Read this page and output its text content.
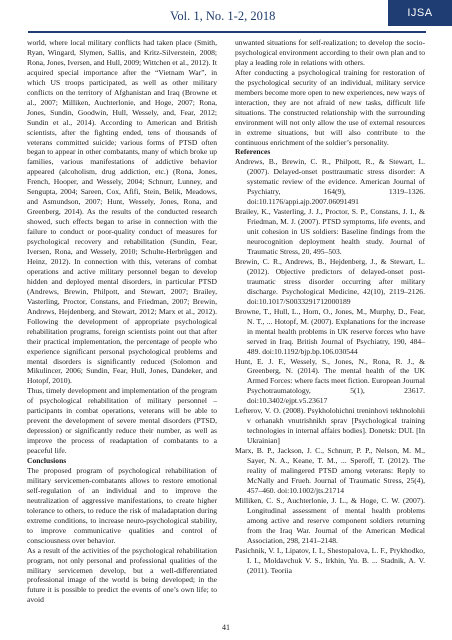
Vol. 1, No. 1-2, 2018	IJSA

world, where local military conflicts had taken place (Smith, Ryan, Wingard, Slymen, Sallis, and Kritz-Silverstein, 2008; Rona, Jones, Iversen, and Hull, 2009; Wittchen et al., 2012). It acquired special importance after the “Vietnam War”, in which US troops participated, as well as other military conflicts on the territory of Afghanistan and Iraq (Browne et al., 2007; Milliken, Auchterlonie, and Hoge, 2007; Rona, Jones, Sundin, Goodwin, Hull, Wessely, and, Fear, 2012; Sundin et al., 2014). According to American and British scientists, after the fighting ended, tens of thousands of veterans committed suicide; various forms of PTSD often began to appear in other combatants, many of which broke up families, various manifestations of addictive behavior appeared (alcoholism, drug addiction, etc.) (Rona, Jones, French, Hooper, and Wessely, 2004; Schnurr, Lunney, and Sengupta, 2004; Sareen, Cox, Afifi, Stein, Belik, Meadows, and Asmundson, 2007; Hunt, Wessely, Jones, Rona, and Greenberg, 2014). As the results of the conducted research showed, such effects began to arise in connection with the failure to conduct or poor-quality conduct of measures for psychological recovery and rehabilitation (Sundin, Fear, Iversen, Rona, and Wessely, 2010; Schulte-Herbrüggen and Heinz, 2012). In connection with this, veterans of combat operations and active military personnel began to develop hidden and deployed mental disorders, in particular PTSD (Andrews, Brewin, Philpott, and Stewart, 2007; Brailey, Vasterling, Proctor, Constans, and Friedman, 2007; Brewin, Andrews, Hejdenberg, and Stewart, 2012; Marx et al., 2012). Following the development of appropriate psychological rehabilitation programs, foreign scientists point out that after their practical implementation, the percentage of people who experience significant personal psychological problems and mental disorders is significantly reduced (Solomon and Mikulincer, 2006; Sundin, Fear, Hull, Jones, Dandeker, and Hotopf, 2010).

Thus, timely development and implementation of the program of psychological rehabilitation of military personnel – participants in combat operations, veterans will be able to prevent the development of severe mental disorders (PTSD, depression) or significantly reduce their number, as well as improve the process of readaptation of combatants to a peaceful life.

Conclusions

The proposed program of psychological rehabilitation of military servicemen-combatants allows to restore emotional self-regulation of an individual and to improve the neutralization of aggressive manifestations, to create higher tolerance to others, to reduce the risk of maladaptation during extreme conditions, to increase neuro-psychological stability, to improve communicative qualities and control of consciousness over behavior.

As a result of the activities of the psychological rehabilitation program, not only personal and professional qualities of the military servicemen develop, but a well-differentiated professional image of the world is being developed; in the future it is possible to predict the events of one’s own life; to avoid

unwanted situations for self-realization; to develop the socio-psychological environment according to their own plan and to play a leading role in relations with others.

After conducting a psychological training for restoration of the psychological security of an individual, military service members become more open to new experiences, new ways of interaction, they are not afraid of new tasks, difficult life situations. The constructed relationship with the surrounding environment will not only allow the use of external resources in extreme situations, but will also contribute to the continuous enrichment of the soldier’s personality.

References

Andrews, B., Brewin, C. R., Philpott, R., & Stewart, L. (2007). Delayed-onset posttraumatic stress disorder: A systematic review of the evidence. American Journal of Psychiatry, 164(9), 1319–1326. doi:10.1176/appi.ajp.2007.06091491

Brailey, K., Vasterling, J. J., Proctor, S. P., Constans, J. I., & Friedman, M. J. (2007). PTSD symptoms, life events, and unit cohesion in US soldiers: Baseline findings from the neurocognition deployment health study. Journal of Traumatic Stress, 20, 495–503.

Brewin, C. R., Andrews, B., Hejdenberg, J., & Stewart, L. (2012). Objective predictors of delayed-onset post-traumatic stress disorder occurring after military discharge. Psychological Medicine, 42(10), 2119–2126. doi:10.1017/S0033291712000189

Browne, T., Hull, L., Horn, O., Jones, M., Murphy, D., Fear, N. T., ... Hotopf, M. (2007). Explanations for the increase in mental health problems in UK reserve forces who have served in Iraq. British Journal of Psychiatry, 190, 484–489. doi:10.1192/bjp.bp.106.030544

Hunt, E. J. F., Wessely, S., Jones, N., Rona, R. J., & Greenberg, N. (2014). The mental health of the UK Armed Forces: where facts meet fiction. European Journal Psychotraumatology, 5(1), 23617. doi:10.3402/ejpt.v5.23617

Lefterov, V. O. (2008). Psykholohichni treninhovi tekhnolohii v orhanakh vnutrishnikh sprav [Psychological training technologies in internal affairs bodies]. Donetsk: DUI. [In Ukrainian]

Marx, B. P., Jackson, J. C., Schnurr, P. P., Nelson, M. M., Sayer, N. A., Keane, T. M., ... Speroff, T. (2012). The reality of malingered PTSD among veterans: Reply to McNally and Frueh. Journal of Traumatic Stress, 25(4), 457–460. doi:10.1002/jts.21714

Milliken, C. S., Auchterlonie, J. L., & Hoge, C. W. (2007). Longitudinal assessment of mental health problems among active and reserve component soldiers returning from the Iraq War. Journal of the American Medical Association, 298, 2141–2148.

Pasichnik, V. I., Lipatov, I. I., Shestopalova, L. F., Prykhodko, I. I., Moldavchuk V. S., Irkhin, Yu. B. ... Stadnik, A. V. (2011). Teoriia

41
